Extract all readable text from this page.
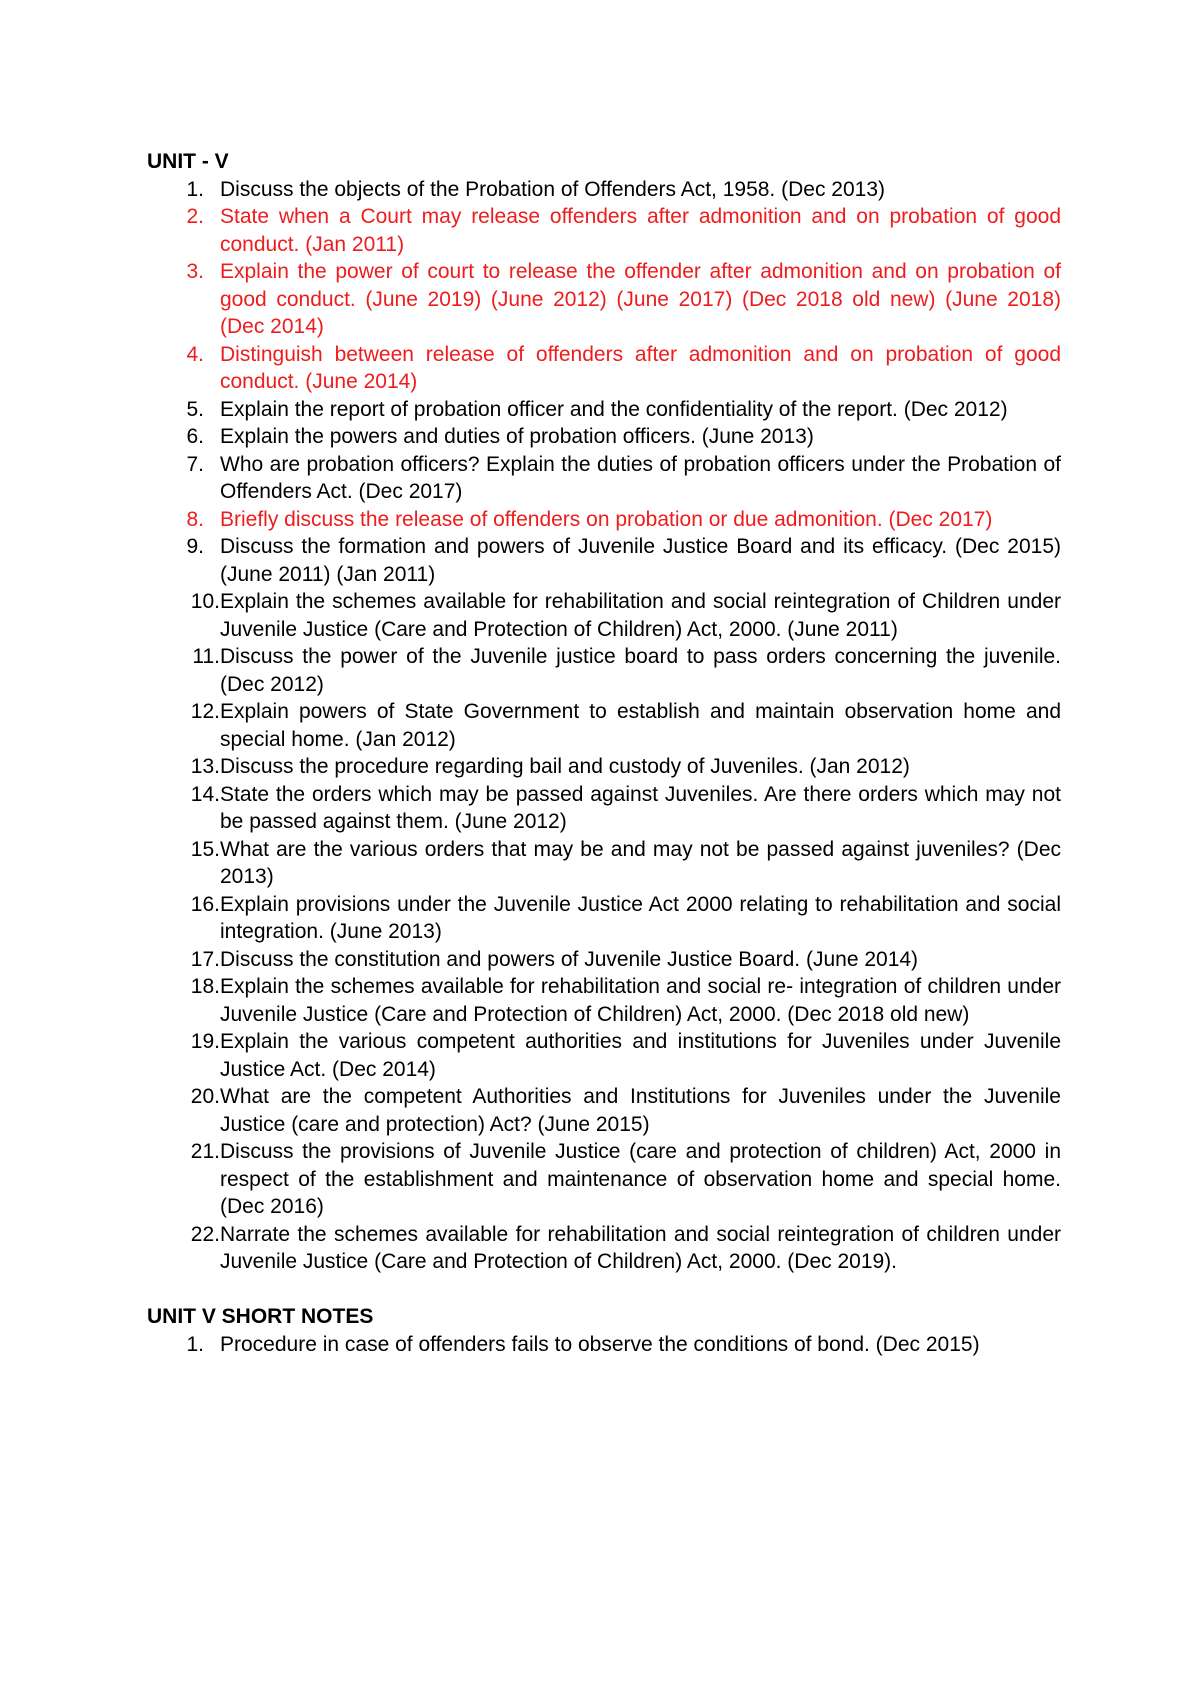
UNIT - V
1. Discuss the objects of the Probation of Offenders Act, 1958. (Dec 2013)
2. State when a Court may release offenders after admonition and on probation of good conduct. (Jan 2011)
3. Explain the power of court to release the offender after admonition and on probation of good conduct. (June 2019) (June 2012) (June 2017) (Dec 2018 old new) (June 2018) (Dec 2014)
4. Distinguish between release of offenders after admonition and on probation of good conduct. (June 2014)
5. Explain the report of probation officer and the confidentiality of the report. (Dec 2012)
6. Explain the powers and duties of probation officers. (June 2013)
7. Who are probation officers? Explain the duties of probation officers under the Probation of Offenders Act. (Dec 2017)
8. Briefly discuss the release of offenders on probation or due admonition. (Dec 2017)
9. Discuss the formation and powers of Juvenile Justice Board and its efficacy. (Dec 2015) (June 2011) (Jan 2011)
10. Explain the schemes available for rehabilitation and social reintegration of Children under Juvenile Justice (Care and Protection of Children) Act, 2000. (June 2011)
11. Discuss the power of the Juvenile justice board to pass orders concerning the juvenile. (Dec 2012)
12. Explain powers of State Government to establish and maintain observation home and special home. (Jan 2012)
13. Discuss the procedure regarding bail and custody of Juveniles. (Jan 2012)
14. State the orders which may be passed against Juveniles. Are there orders which may not be passed against them. (June 2012)
15. What are the various orders that may be and may not be passed against juveniles? (Dec 2013)
16. Explain provisions under the Juvenile Justice Act 2000 relating to rehabilitation and social integration. (June 2013)
17. Discuss the constitution and powers of Juvenile Justice Board. (June 2014)
18. Explain the schemes available for rehabilitation and social re- integration of children under Juvenile Justice (Care and Protection of Children) Act, 2000. (Dec 2018 old new)
19. Explain the various competent authorities and institutions for Juveniles under Juvenile Justice Act. (Dec 2014)
20. What are the competent Authorities and Institutions for Juveniles under the Juvenile Justice (care and protection) Act? (June 2015)
21. Discuss the provisions of Juvenile Justice (care and protection of children) Act, 2000 in respect of the establishment and maintenance of observation home and special home. (Dec 2016)
22. Narrate the schemes available for rehabilitation and social reintegration of children under Juvenile Justice (Care and Protection of Children) Act, 2000. (Dec 2019).
UNIT V SHORT NOTES
1. Procedure in case of offenders fails to observe the conditions of bond. (Dec 2015)
